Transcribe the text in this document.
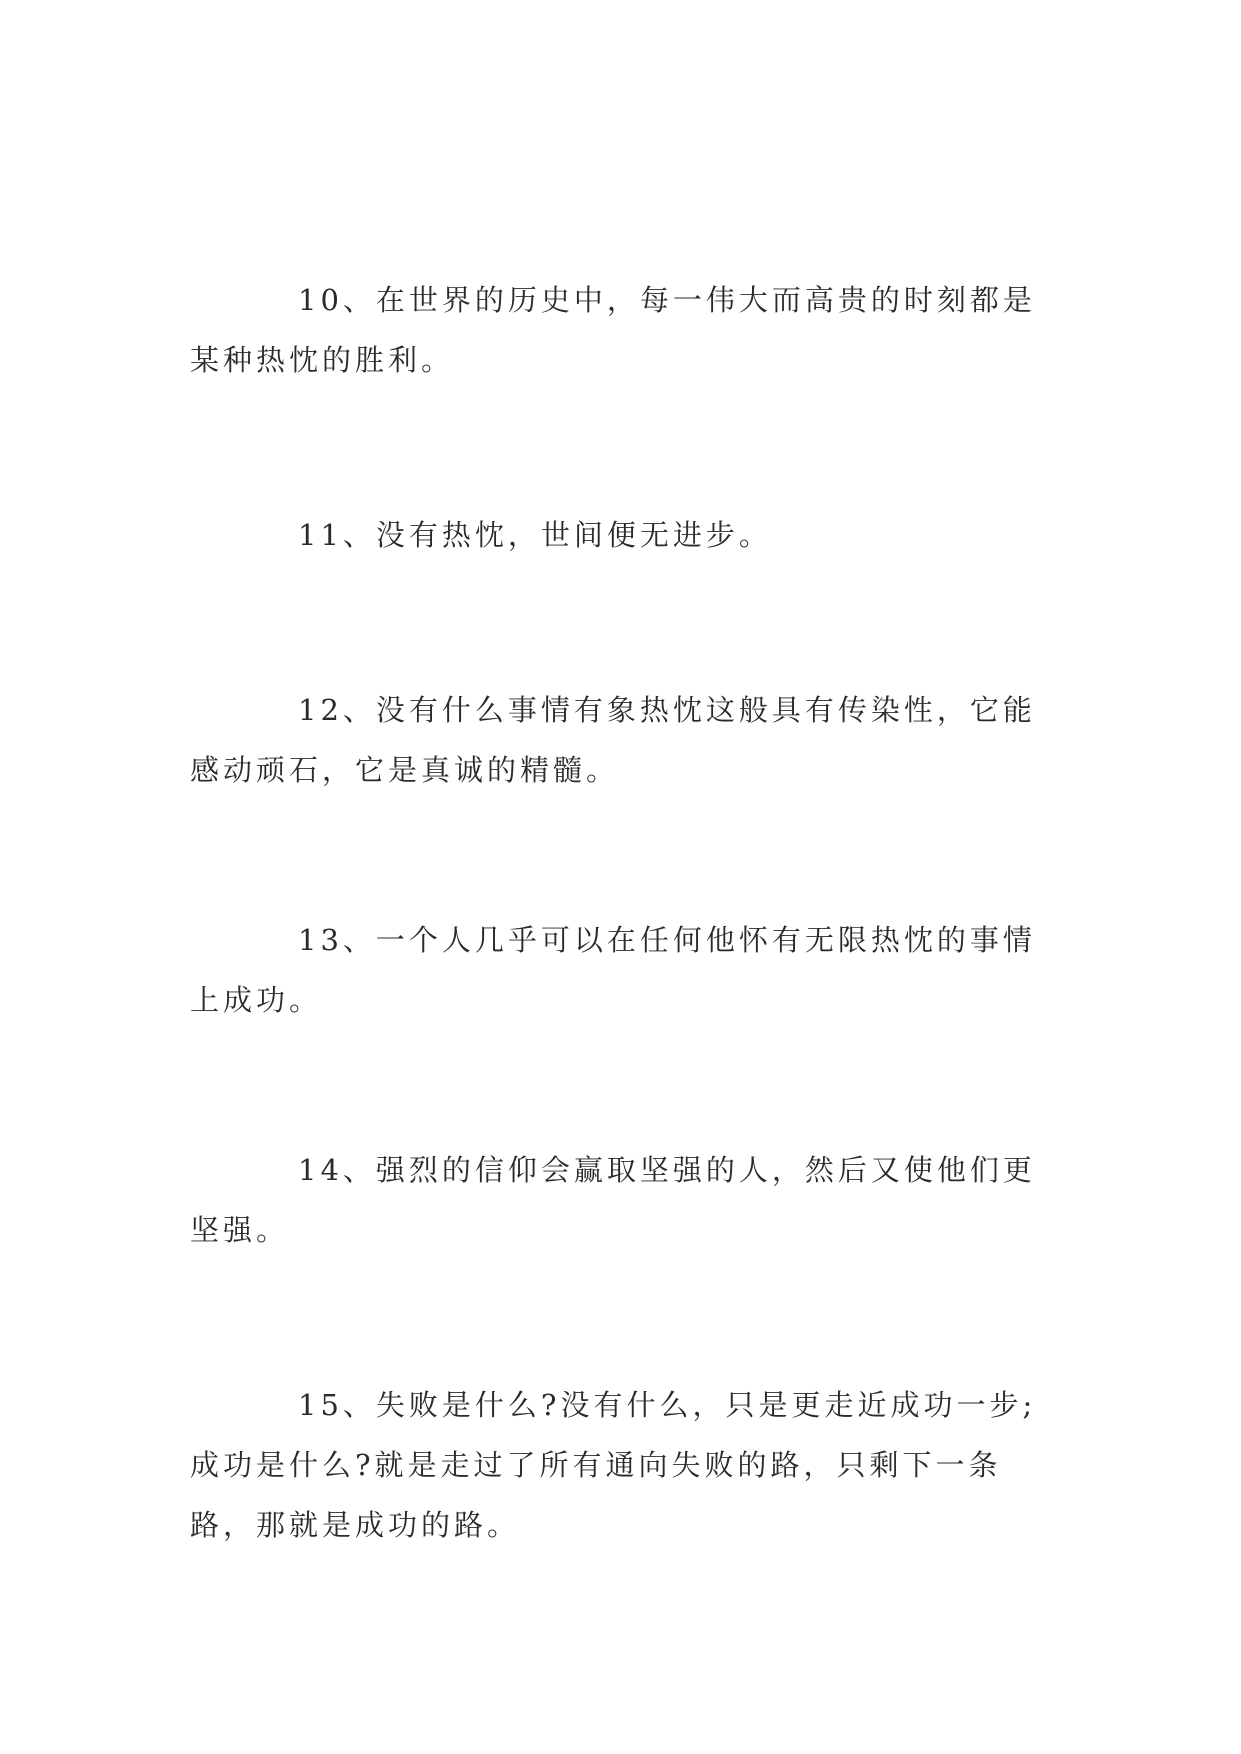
10、在世界的历史中，每一伟大而高贵的时刻都是某种热忱的胜利。

11、没有热忱，世间便无进步。

12、没有什么事情有象热忱这般具有传染性，它能感动顽石，它是真诚的精髓。

13、一个人几乎可以在任何他怀有无限热忱的事情上成功。

14、强烈的信仰会赢取坚强的人，然后又使他们更坚强。

15、失败是什么?没有什么，只是更走近成功一步;成功是什么?就是走过了所有通向失败的路，只剩下一条路，那就是成功的路。
